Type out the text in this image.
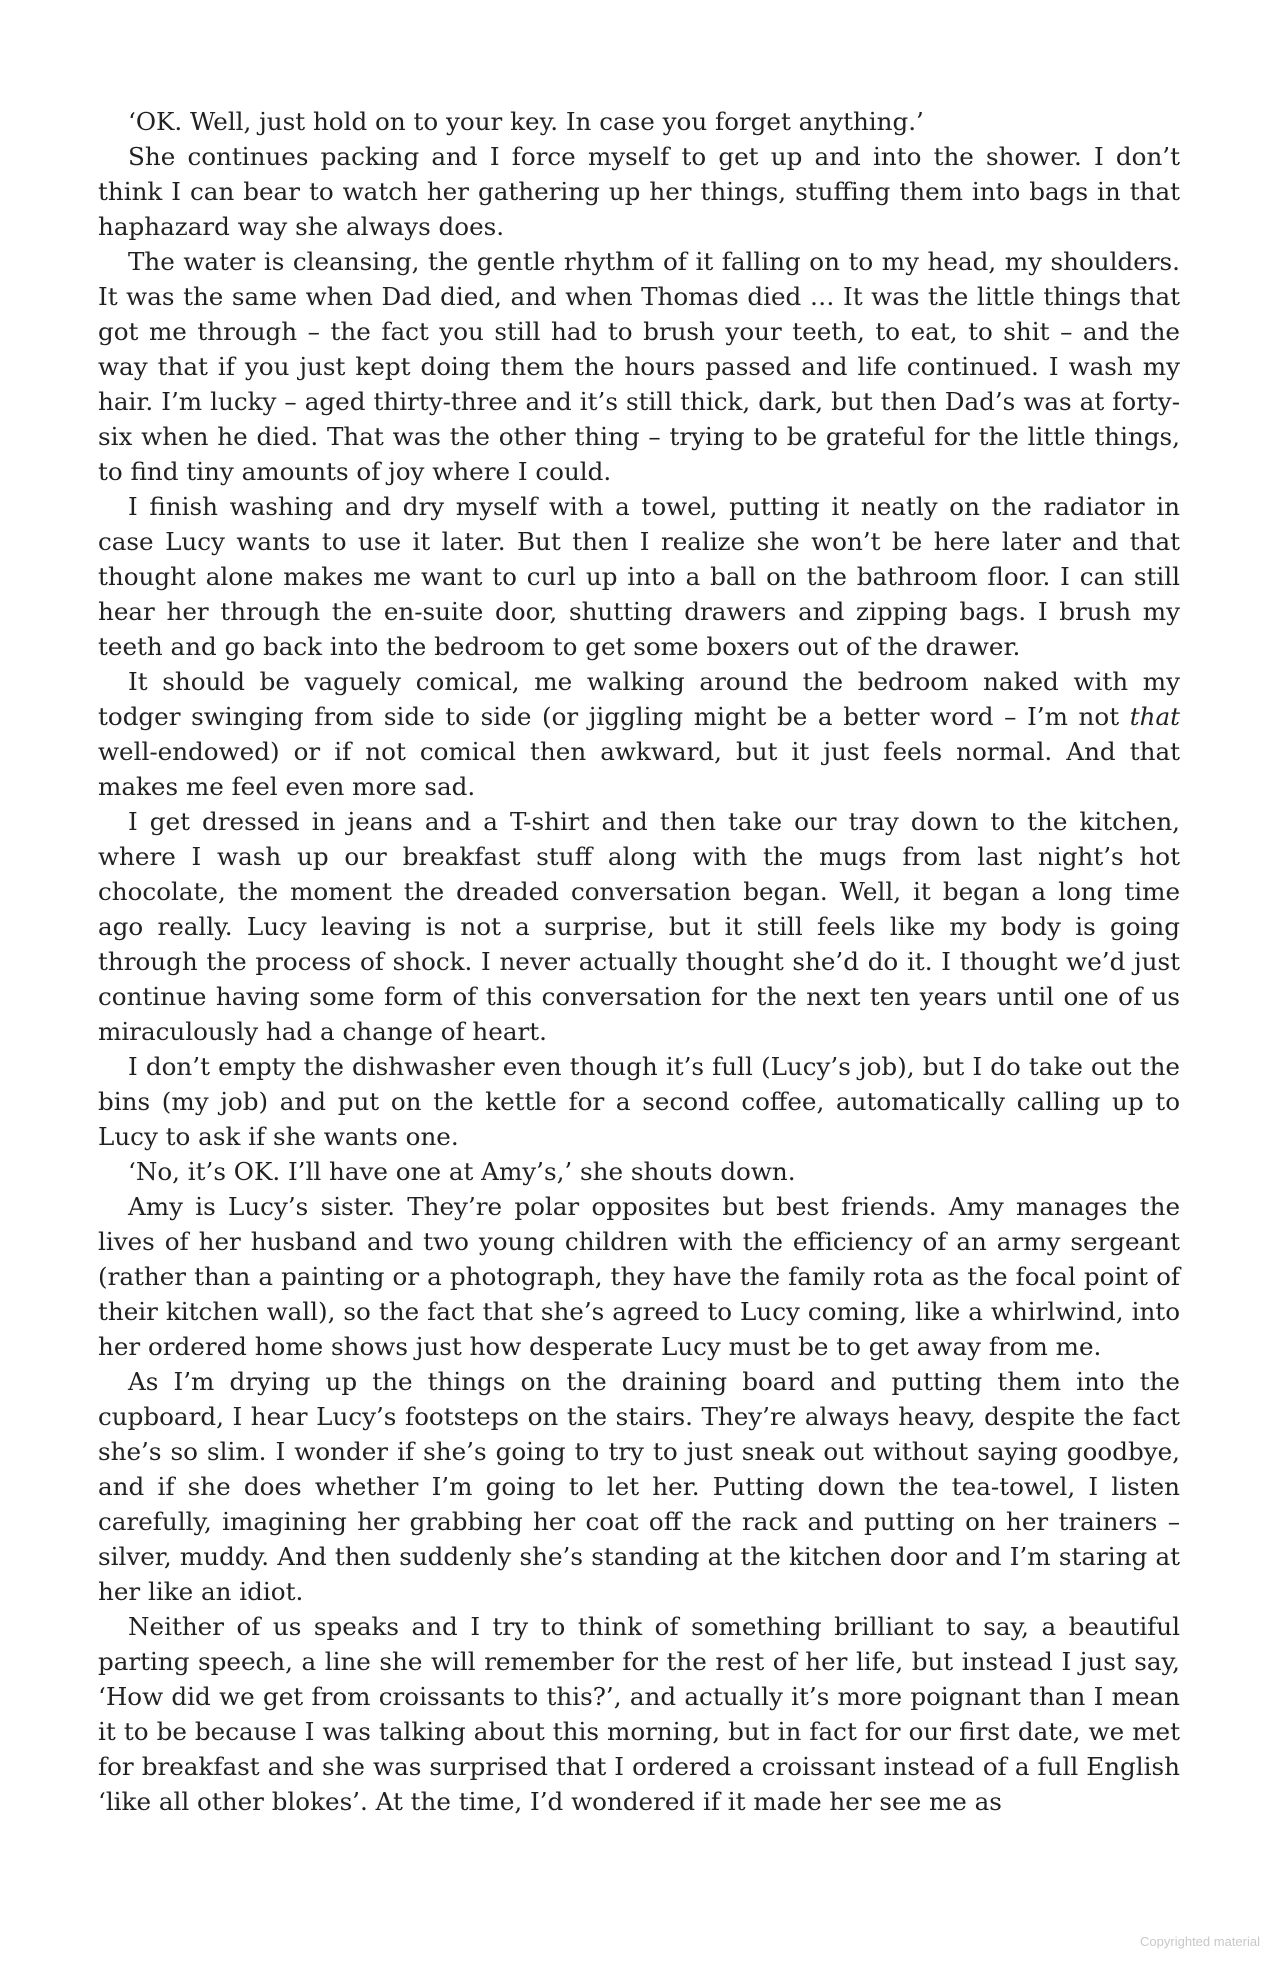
‘OK. Well, just hold on to your key. In case you forget anything.’

She continues packing and I force myself to get up and into the shower. I don’t think I can bear to watch her gathering up her things, stuffing them into bags in that haphazard way she always does.

The water is cleansing, the gentle rhythm of it falling on to my head, my shoulders. It was the same when Dad died, and when Thomas died … It was the little things that got me through – the fact you still had to brush your teeth, to eat, to shit – and the way that if you just kept doing them the hours passed and life continued. I wash my hair. I’m lucky – aged thirty-three and it’s still thick, dark, but then Dad’s was at forty-six when he died. That was the other thing – trying to be grateful for the little things, to find tiny amounts of joy where I could.

I finish washing and dry myself with a towel, putting it neatly on the radiator in case Lucy wants to use it later. But then I realize she won’t be here later and that thought alone makes me want to curl up into a ball on the bathroom floor. I can still hear her through the en-suite door, shutting drawers and zipping bags. I brush my teeth and go back into the bedroom to get some boxers out of the drawer.

It should be vaguely comical, me walking around the bedroom naked with my todger swinging from side to side (or jiggling might be a better word – I’m not that well-endowed) or if not comical then awkward, but it just feels normal. And that makes me feel even more sad.

I get dressed in jeans and a T-shirt and then take our tray down to the kitchen, where I wash up our breakfast stuff along with the mugs from last night’s hot chocolate, the moment the dreaded conversation began. Well, it began a long time ago really. Lucy leaving is not a surprise, but it still feels like my body is going through the process of shock. I never actually thought she’d do it. I thought we’d just continue having some form of this conversation for the next ten years until one of us miraculously had a change of heart.

I don’t empty the dishwasher even though it’s full (Lucy’s job), but I do take out the bins (my job) and put on the kettle for a second coffee, automatically calling up to Lucy to ask if she wants one.

‘No, it’s OK. I’ll have one at Amy’s,’ she shouts down.

Amy is Lucy’s sister. They’re polar opposites but best friends. Amy manages the lives of her husband and two young children with the efficiency of an army sergeant (rather than a painting or a photograph, they have the family rota as the focal point of their kitchen wall), so the fact that she’s agreed to Lucy coming, like a whirlwind, into her ordered home shows just how desperate Lucy must be to get away from me.

As I’m drying up the things on the draining board and putting them into the cupboard, I hear Lucy’s footsteps on the stairs. They’re always heavy, despite the fact she’s so slim. I wonder if she’s going to try to just sneak out without saying goodbye, and if she does whether I’m going to let her. Putting down the tea-towel, I listen carefully, imagining her grabbing her coat off the rack and putting on her trainers – silver, muddy. And then suddenly she’s standing at the kitchen door and I’m staring at her like an idiot.

Neither of us speaks and I try to think of something brilliant to say, a beautiful parting speech, a line she will remember for the rest of her life, but instead I just say, ‘How did we get from croissants to this?’, and actually it’s more poignant than I mean it to be because I was talking about this morning, but in fact for our first date, we met for breakfast and she was surprised that I ordered a croissant instead of a full English ‘like all other blokes’. At the time, I’d wondered if it made her see me as

Copyrighted material
